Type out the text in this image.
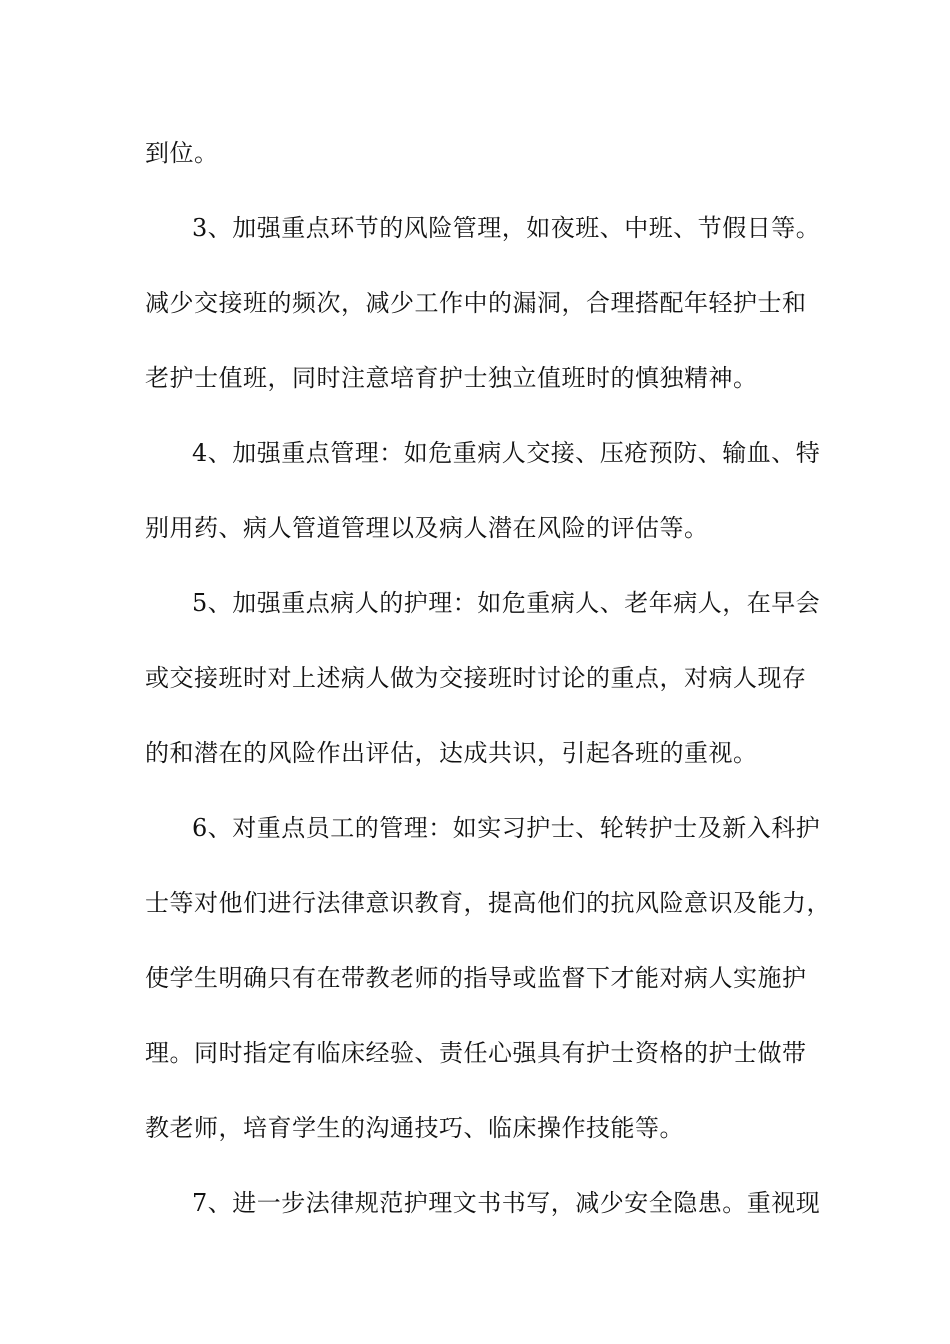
到位。
3、加强重点环节的风险管理，如夜班、中班、节假日等。
减少交接班的频次，减少工作中的漏洞，合理搭配年轻护士和
老护士值班，同时注意培育护士独立值班时的慎独精神。
4、加强重点管理：如危重病人交接、压疮预防、输血、特
别用药、病人管道管理以及病人潜在风险的评估等。
5、加强重点病人的护理：如危重病人、老年病人，在早会
或交接班时对上述病人做为交接班时讨论的重点，对病人现存
的和潜在的风险作出评估，达成共识，引起各班的重视。
6、对重点员工的管理：如实习护士、轮转护士及新入科护
士等对他们进行法律意识教育，提高他们的抗风险意识及能力，
使学生明确只有在带教老师的指导或监督下才能对病人实施护
理。同时指定有临床经验、责任心强具有护士资格的护士做带
教老师，培育学生的沟通技巧、临床操作技能等。
7、进一步法律规范护理文书书写，减少安全隐患。重视现
